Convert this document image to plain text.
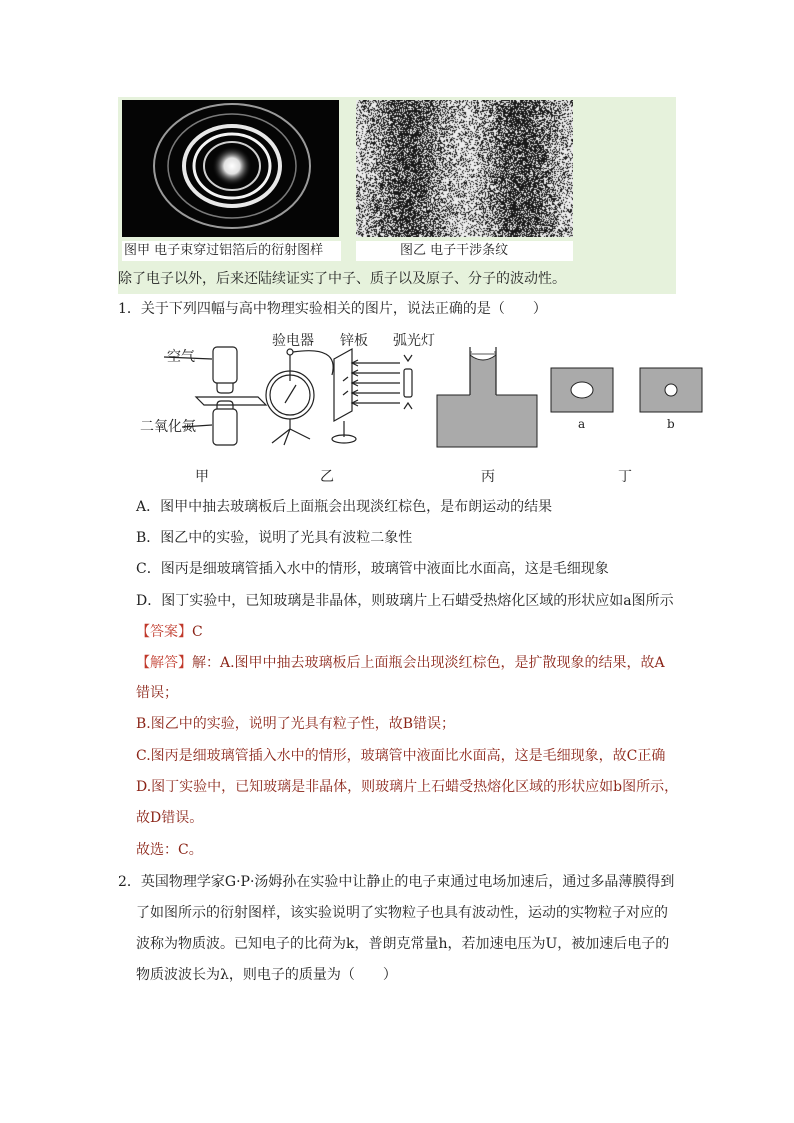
图甲 电子束穿过铝箔后的衍射图样	图乙 电子干涉条纹
除了电子以外，后来还陆续证实了中子、质子以及原子、分子的波动性。
1．关于下列四幅与高中物理实验相关的图片，说法正确的是（　　）
空气
二氧化氮
验电器 锌板 弧光灯
a	b
甲	乙	丙	丁
A．图甲中抽去玻璃板后上面瓶会出现淡红棕色，是布朗运动的结果
B．图乙中的实验，说明了光具有波粒二象性
C．图丙是细玻璃管插入水中的情形，玻璃管中液面比水面高，这是毛细现象
D．图丁实验中，已知玻璃是非晶体，则玻璃片上石蜡受热熔化区域的形状应如a图所示
【答案】C
【解答】解：A.图甲中抽去玻璃板后上面瓶会出现淡红棕色，是扩散现象的结果，故A
错误；
B.图乙中的实验，说明了光具有粒子性，故B错误；
C.图丙是细玻璃管插入水中的情形，玻璃管中液面比水面高，这是毛细现象，故C正确
D.图丁实验中，已知玻璃是非晶体，则玻璃片上石蜡受热熔化区域的形状应如b图所示，
故D错误。
故选：C。
2．英国物理学家G·P·汤姆孙在实验中让静止的电子束通过电场加速后，通过多晶薄膜得到
了如图所示的衍射图样，该实验说明了实物粒子也具有波动性，运动的实物粒子对应的
波称为物质波。已知电子的比荷为k，普朗克常量h，若加速电压为U，被加速后电子的
物质波波长为λ，则电子的质量为（　　）
